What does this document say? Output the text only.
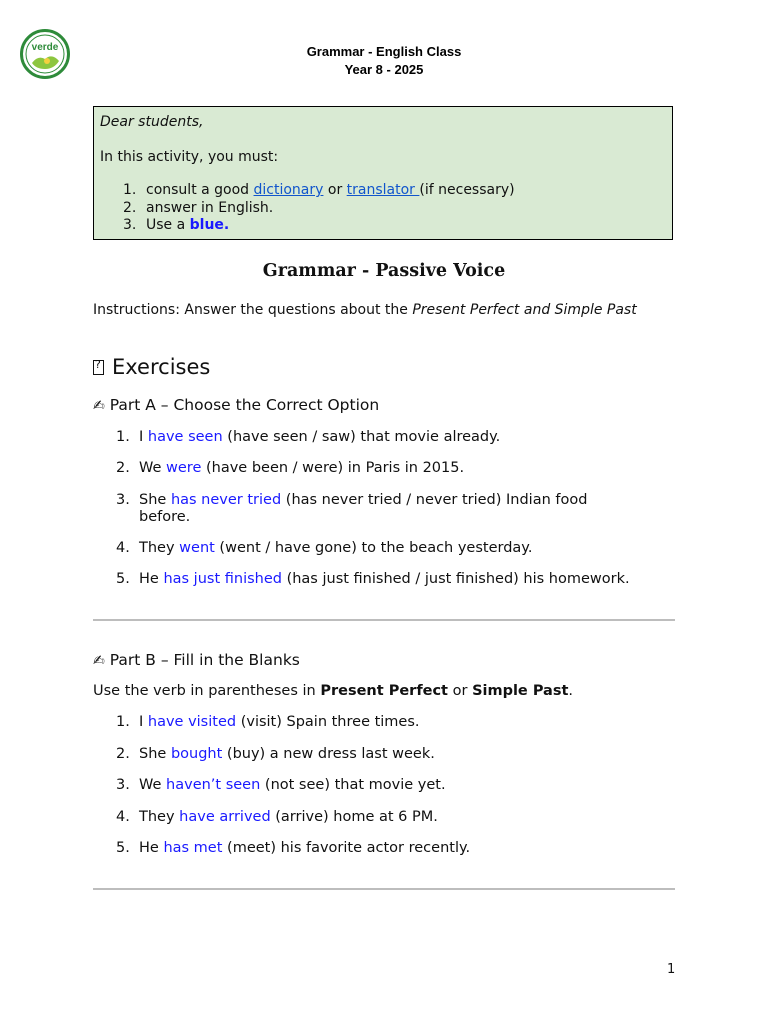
verde	Grammar - English Class
Year 8 - 2025
Dear students,
In this activity, you must:
1. consult a good dictionary or translator (if necessary)
2. answer in English.
3. Use a blue.
Grammar - Passive Voice
Instructions: Answer the questions about the Present Perfect and Simple Past
?Exercises
✍ Part A – Choose the Correct Option
1. I have seen (have seen / saw) that movie already.
2. We were (have been / were) in Paris in 2015.
3. She has never tried (has never tried / never tried) Indian food before.
4. They went (went / have gone) to the beach yesterday.
5. He has just finished (has just finished / just finished) his homework.
✍ Part B – Fill in the Blanks
Use the verb in parentheses in Present Perfect or Simple Past.
1. I have visited (visit) Spain three times.
2. She bought (buy) a new dress last week.
3. We haven’t seen (not see) that movie yet.
4. They have arrived (arrive) home at 6 PM.
5. He has met (meet) his favorite actor recently.
1
